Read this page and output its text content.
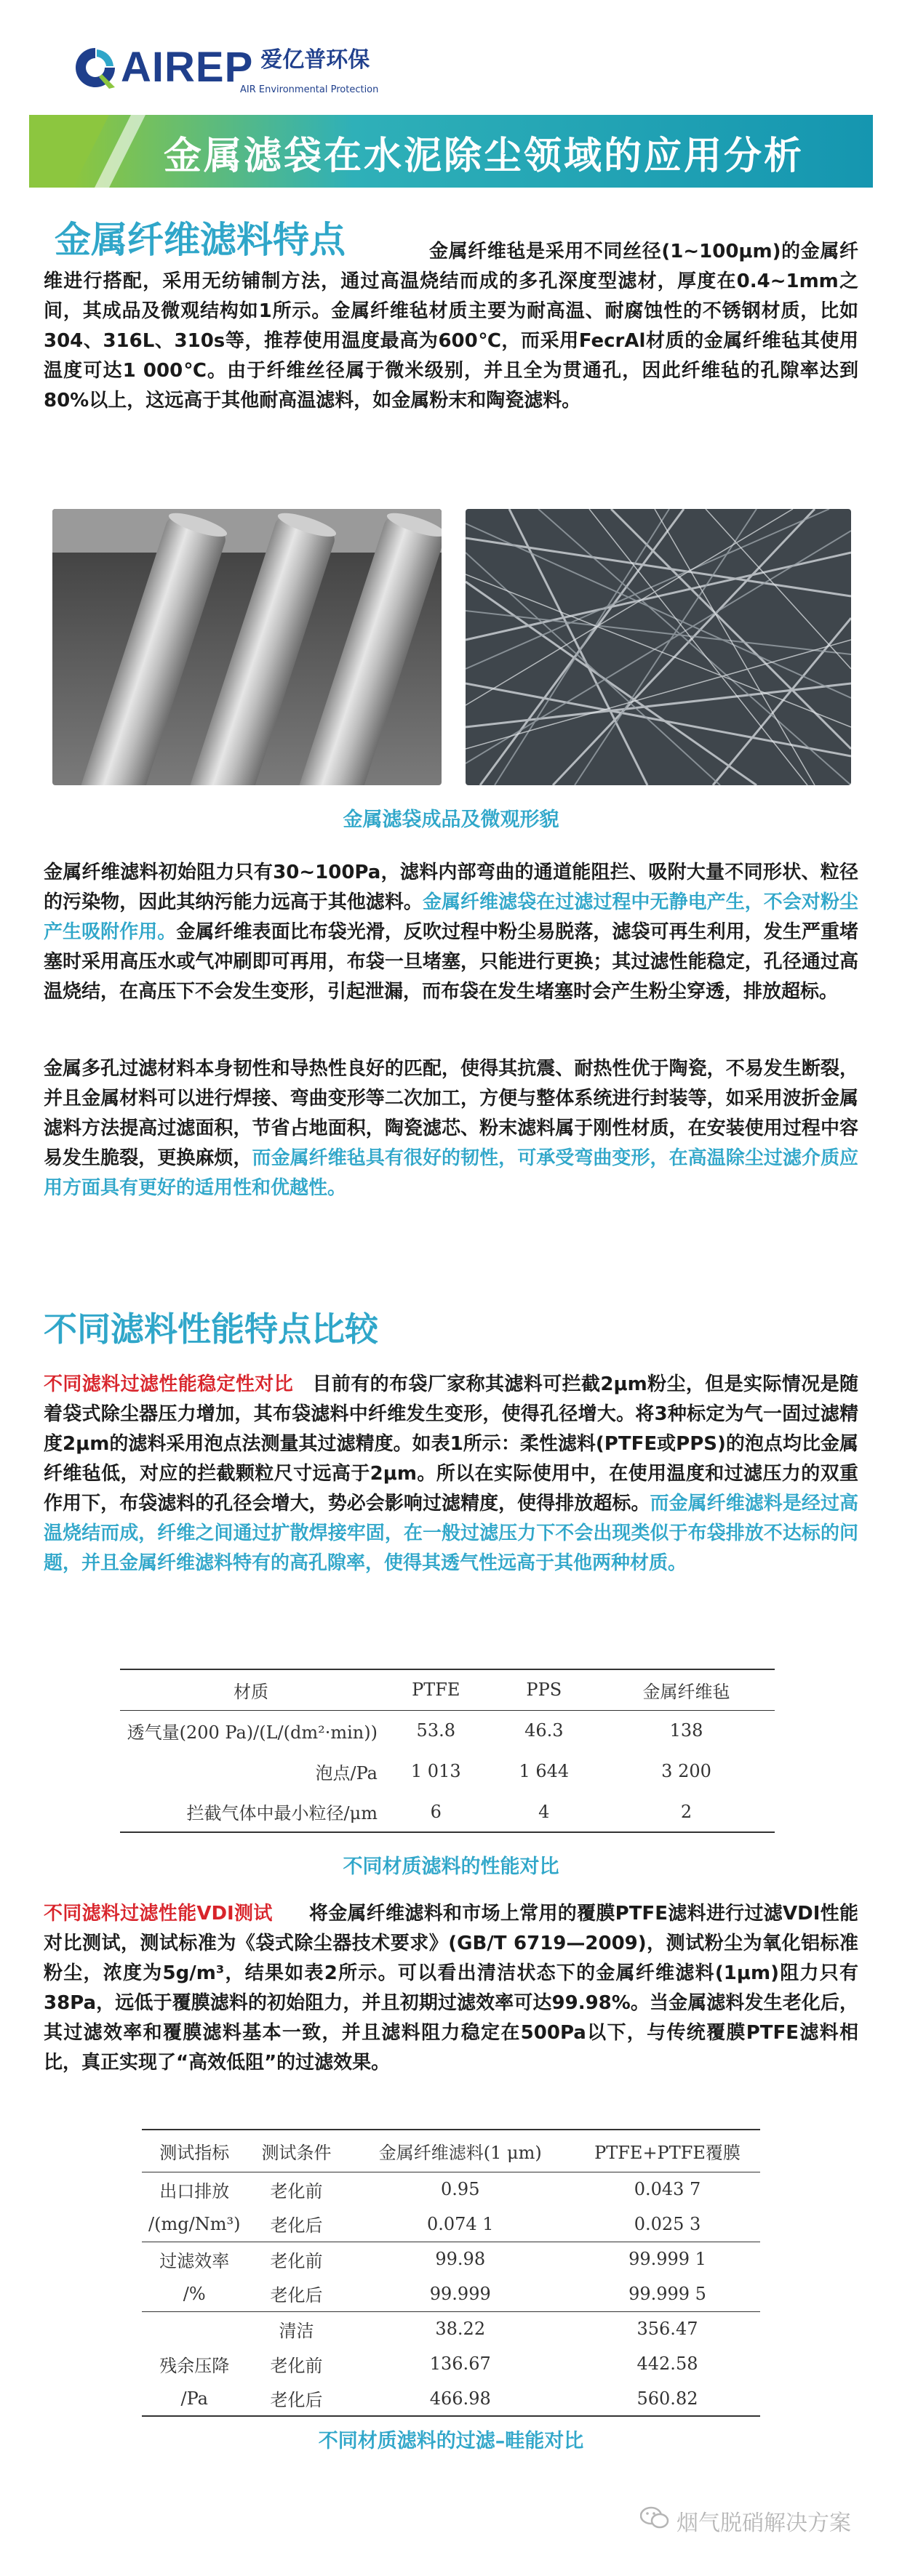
AIREP 爱亿普环保
AIR Environmental Protection
金属滤袋在水泥除尘领域的应用分析
金属纤维滤料特点	金属纤维毡是采用不同丝径(1~100μm)的金属纤维进行搭配，采用无纺铺制方法，通过高温烧结而成的多孔深度型滤材，厚度在0.4~1mm之间，其成品及微观结构如1所示。金属纤维毡材质主要为耐高温、耐腐蚀性的不锈钢材质，比如304、316L、310s等，推荐使用温度最高为600℃，而采用FecrAl材质的金属纤维毡其使用温度可达1 000℃。由于纤维丝径属于微米级别，并且全为贯通孔，因此纤维毡的孔隙率达到80%以上，这远高于其他耐高温滤料，如金属粉末和陶瓷滤料。
金属滤袋成品及微观形貌
金属纤维滤料初始阻力只有30~100Pa，滤料内部弯曲的通道能阻拦、吸附大量不同形状、粒径的污染物，因此其纳污能力远高于其他滤料。金属纤维滤袋在过滤过程中无静电产生，不会对粉尘产生吸附作用。金属纤维表面比布袋光滑，反吹过程中粉尘易脱落，滤袋可再生利用，发生严重堵塞时采用高压水或气冲刷即可再用，布袋一旦堵塞，只能进行更换；其过滤性能稳定，孔径通过高温烧结，在高压下不会发生变形，引起泄漏，而布袋在发生堵塞时会产生粉尘穿透，排放超标。
金属多孔过滤材料本身韧性和导热性良好的匹配，使得其抗震、耐热性优于陶瓷，不易发生断裂，并且金属材料可以进行焊接、弯曲变形等二次加工，方便与整体系统进行封装等，如采用波折金属滤料方法提高过滤面积，节省占地面积，陶瓷滤芯、粉末滤料属于刚性材质，在安装使用过程中容易发生脆裂，更换麻烦，而金属纤维毡具有很好的韧性，可承受弯曲变形，在高温除尘过滤介质应用方面具有更好的适用性和优越性。
不同滤料性能特点比较
不同滤料过滤性能稳定性对比 目前有的布袋厂家称其滤料可拦截2μm粉尘，但是实际情况是随着袋式除尘器压力增加，其布袋滤料中纤维发生变形，使得孔径增大。将3种标定为气一固过滤精度2μm的滤料采用泡点法测量其过滤精度。如表1所示：柔性滤料(PTFE或PPS)的泡点均比金属纤维毡低，对应的拦截颗粒尺寸远高于2μm。所以在实际使用中，在使用温度和过滤压力的双重作用下，布袋滤料的孔径会增大，势必会影响过滤精度，使得排放超标。而金属纤维滤料是经过高温烧结而成，纤维之间通过扩散焊接牢固，在一般过滤压力下不会出现类似于布袋排放不达标的问题，并且金属纤维滤料特有的高孔隙率，使得其透气性远高于其他两种材质。
材质	PTFE	PPS	金属纤维毡
透气量(200 Pa)/(L/(dm²·min))	53.8	46.3	138
泡点/Pa	1 013	1 644	3 200
拦截气体中最小粒径/μm	6	4	2
不同材质滤料的性能对比
不同滤料过滤性能VDI测试 将金属纤维滤料和市场上常用的覆膜PTFE滤料进行过滤VDI性能对比测试，测试标准为《袋式除尘器技术要求》(GB/T 6719—2009)，测试粉尘为氧化铝标准粉尘，浓度为5g/m³，结果如表2所示。可以看出清洁状态下的金属纤维滤料(1μm)阻力只有38Pa，远低于覆膜滤料的初始阻力，并且初期过滤效率可达99.98%。当金属滤料发生老化后，其过滤效率和覆膜滤料基本一致，并且滤料阻力稳定在500Pa以下，与传统覆膜PTFE滤料相比，真正实现了“高效低阻”的过滤效果。
测试指标	测试条件	金属纤维滤料(1 μm)	PTFE+PTFE覆膜
出口排放	老化前	0.95	0.043 7
/(mg/Nm³)	老化后	0.074 1	0.025 3
过滤效率	老化前	99.98	99.999 1
/%	老化后	99.999	99.999 5
	清洁	38.22	356.47
残余压降	老化前	136.67	442.58
/Pa	老化后	466.98	560.82
不同材质滤料的过滤–畦能对比
烟气脱硝解决方案
